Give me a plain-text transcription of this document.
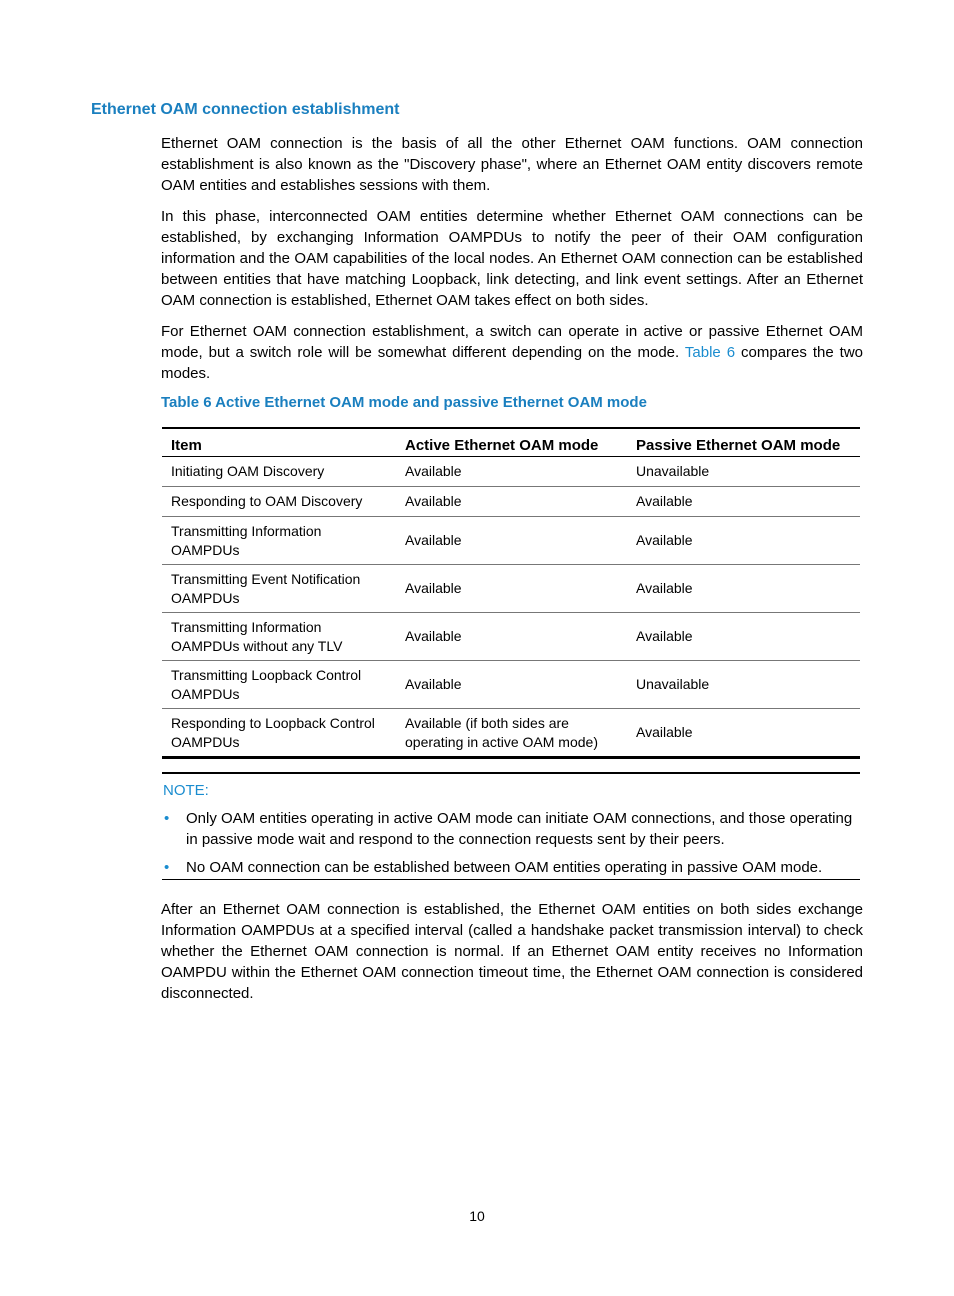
Ethernet OAM connection establishment

Ethernet OAM connection is the basis of all the other Ethernet OAM functions. OAM connection establishment is also known as the "Discovery phase", where an Ethernet OAM entity discovers remote OAM entities and establishes sessions with them.

In this phase, interconnected OAM entities determine whether Ethernet OAM connections can be established, by exchanging Information OAMPDUs to notify the peer of their OAM configuration information and the OAM capabilities of the local nodes. An Ethernet OAM connection can be established between entities that have matching Loopback, link detecting, and link event settings. After an Ethernet OAM connection is established, Ethernet OAM takes effect on both sides.

For Ethernet OAM connection establishment, a switch can operate in active or passive Ethernet OAM mode, but a switch role will be somewhat different depending on the mode. Table 6 compares the two modes.

Table 6 Active Ethernet OAM mode and passive Ethernet OAM mode

Item	Active Ethernet OAM mode	Passive Ethernet OAM mode
Initiating OAM Discovery	Available	Unavailable
Responding to OAM Discovery	Available	Available
Transmitting Information OAMPDUs	Available	Available
Transmitting Event Notification OAMPDUs	Available	Available
Transmitting Information OAMPDUs without any TLV	Available	Available
Transmitting Loopback Control OAMPDUs	Available	Unavailable
Responding to Loopback Control OAMPDUs	Available (if both sides are operating in active OAM mode)	Available

NOTE:

• Only OAM entities operating in active OAM mode can initiate OAM connections, and those operating in passive mode wait and respond to the connection requests sent by their peers.
• No OAM connection can be established between OAM entities operating in passive OAM mode.

After an Ethernet OAM connection is established, the Ethernet OAM entities on both sides exchange Information OAMPDUs at a specified interval (called a handshake packet transmission interval) to check whether the Ethernet OAM connection is normal. If an Ethernet OAM entity receives no Information OAMPDU within the Ethernet OAM connection timeout time, the Ethernet OAM connection is considered disconnected.

10
